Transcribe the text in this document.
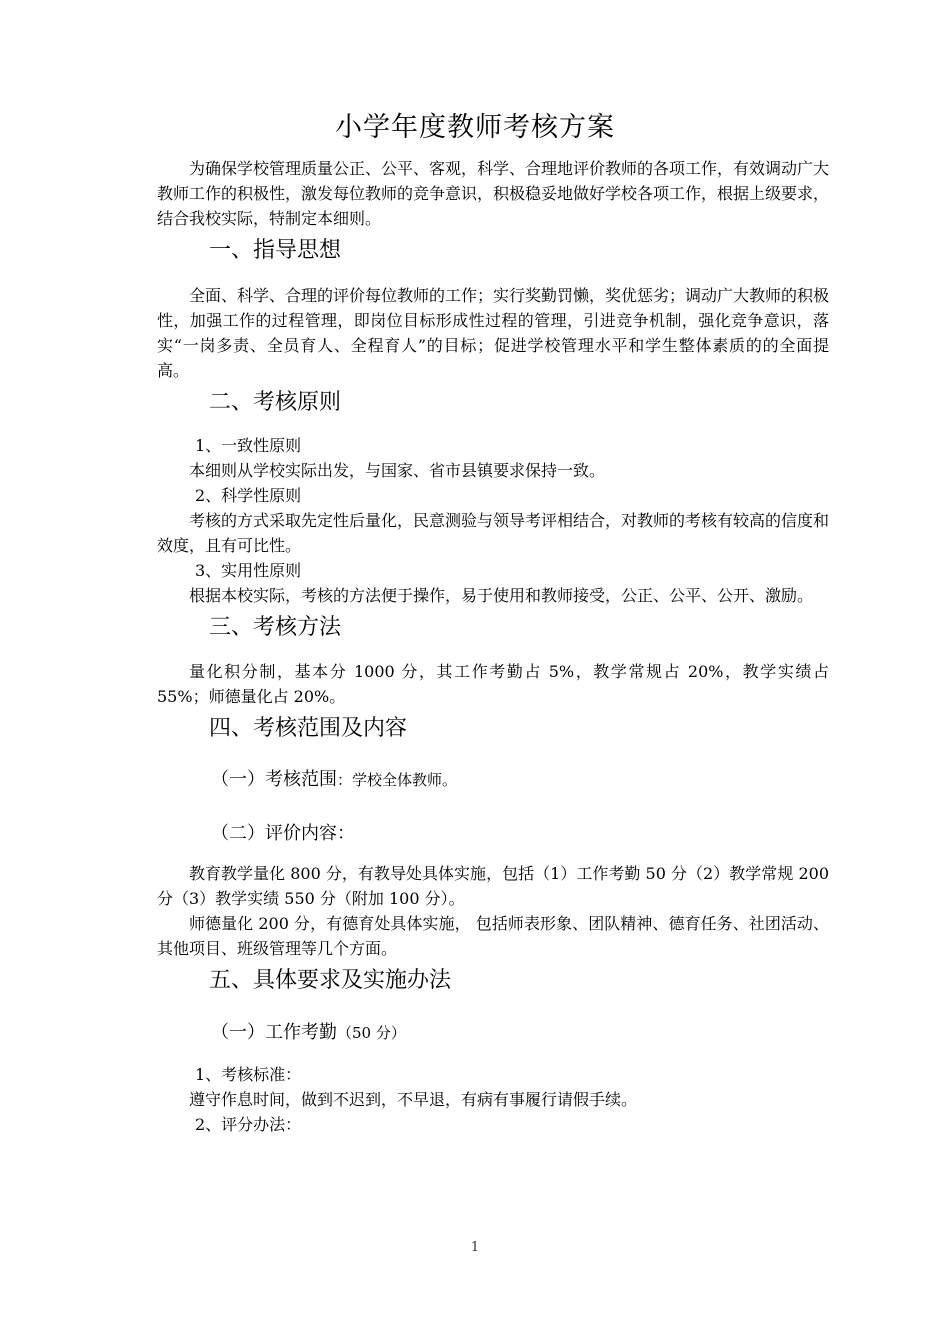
小学年度教师考核方案

为确保学校管理质量公正、公平、客观，科学、合理地评价教师的各项工作，有效调动广大教师工作的积极性，激发每位教师的竞争意识，积极稳妥地做好学校各项工作，根据上级要求，结合我校实际，特制定本细则。

一、指导思想

全面、科学、合理的评价每位教师的工作；实行奖勤罚懒，奖优惩劣；调动广大教师的积极性，加强工作的过程管理，即岗位目标形成性过程的管理，引进竞争机制，强化竞争意识，落实“一岗多责、全员育人、全程育人”的目标；促进学校管理水平和学生整体素质的的全面提高。

二、考核原则

1、一致性原则

本细则从学校实际出发，与国家、省市县镇要求保持一致。

2、科学性原则

考核的方式采取先定性后量化，民意测验与领导考评相结合，对教师的考核有较高的信度和效度，且有可比性。

3、实用性原则

根据本校实际，考核的方法便于操作，易于使用和教师接受，公正、公平、公开、激励。

三、考核方法

量化积分制，基本分 1000 分，其工作考勤占 5%，教学常规占 20%，教学实绩占 55%；师德量化占 20%。

四、考核范围及内容
（一）考核范围：学校全体教师。
（二）评价内容：

教育教学量化 800 分，有教导处具体实施，包括（1）工作考勤 50 分（2）教学常规 200 分（3）教学实绩 550 分（附加 100 分）。

师德量化 200 分，有德育处具体实施， 包括师表形象、团队精神、德育任务、社团活动、其他项目、班级管理等几个方面。

五、具体要求及实施办法
（一）工作考勤（50 分）

1、考核标准：

遵守作息时间，做到不迟到，不早退，有病有事履行请假手续。

2、评分办法：

1
